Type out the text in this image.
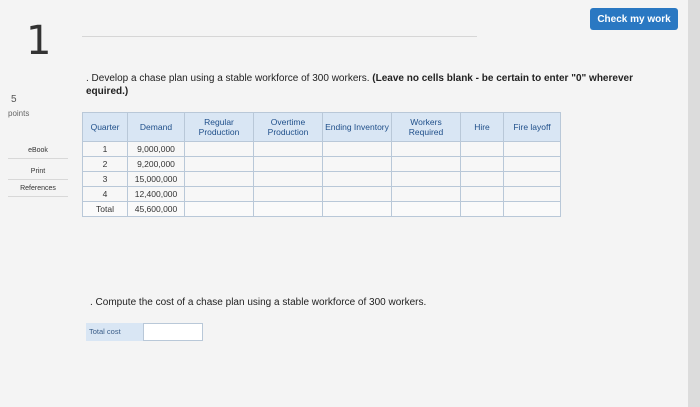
1	Check my work
5
points
eBook
Print
References
. Develop a chase plan using a stable workforce of 300 workers. (Leave no cells blank - be certain to enter "0" wherever
equired.)
Quarter	Demand	Regular Production	Overtime Production	Ending Inventory	Workers Required	Hire	Fire layoff
1	9,000,000						
2	9,200,000						
3	15,000,000						
4	12,400,000						
Total	45,600,000						
. Compute the cost of a chase plan using a stable workforce of 300 workers.
Total cost
